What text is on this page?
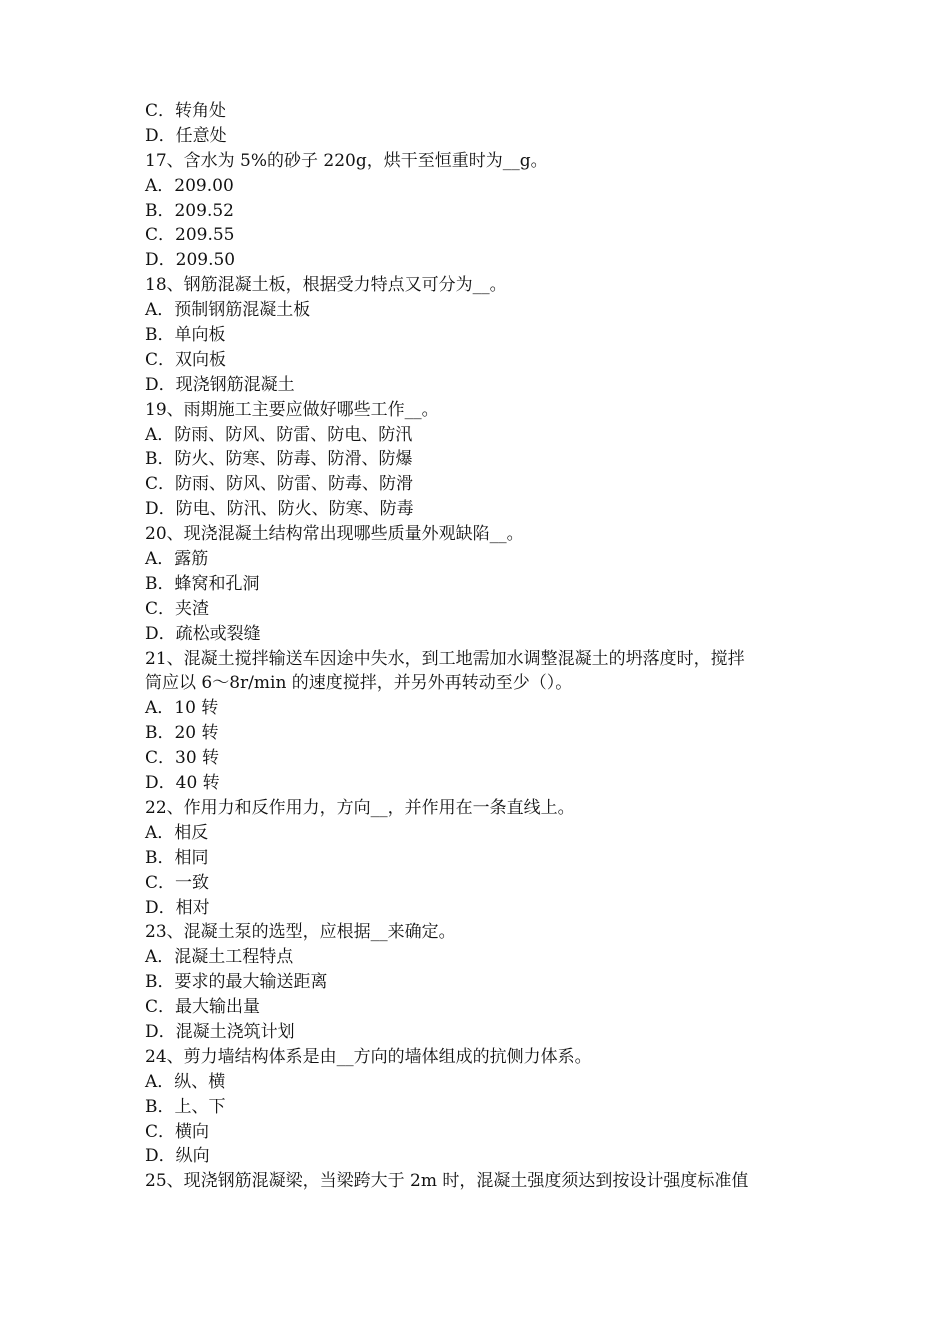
C．转角处
D．任意处
17、含水为 5%的砂子 220g，烘干至恒重时为__g。
A．209.00
B．209.52
C．209.55
D．209.50
18、钢筋混凝土板，根据受力特点又可分为__。
A．预制钢筋混凝土板
B．单向板
C．双向板
D．现浇钢筋混凝土
19、雨期施工主要应做好哪些工作__。
A．防雨、防风、防雷、防电、防汛
B．防火、防寒、防毒、防滑、防爆
C．防雨、防风、防雷、防毒、防滑
D．防电、防汛、防火、防寒、防毒
20、现浇混凝土结构常出现哪些质量外观缺陷__。
A．露筋
B．蜂窝和孔洞
C．夹渣
D．疏松或裂缝
21、混凝土搅拌输送车因途中失水，到工地需加水调整混凝土的坍落度时，搅拌
筒应以 6～8r/min 的速度搅拌，并另外再转动至少（）。
A．10 转
B．20 转
C．30 转
D．40 转
22、作用力和反作用力，方向__，并作用在一条直线上。
A．相反
B．相同
C．一致
D．相对
23、混凝土泵的选型，应根据__来确定。
A．混凝土工程特点
B．要求的最大输送距离
C．最大输出量
D．混凝土浇筑计划
24、剪力墙结构体系是由__方向的墙体组成的抗侧力体系。
A．纵、横
B．上、下
C．横向
D．纵向
25、现浇钢筋混凝梁，当梁跨大于 2m 时，混凝土强度须达到按设计强度标准值
